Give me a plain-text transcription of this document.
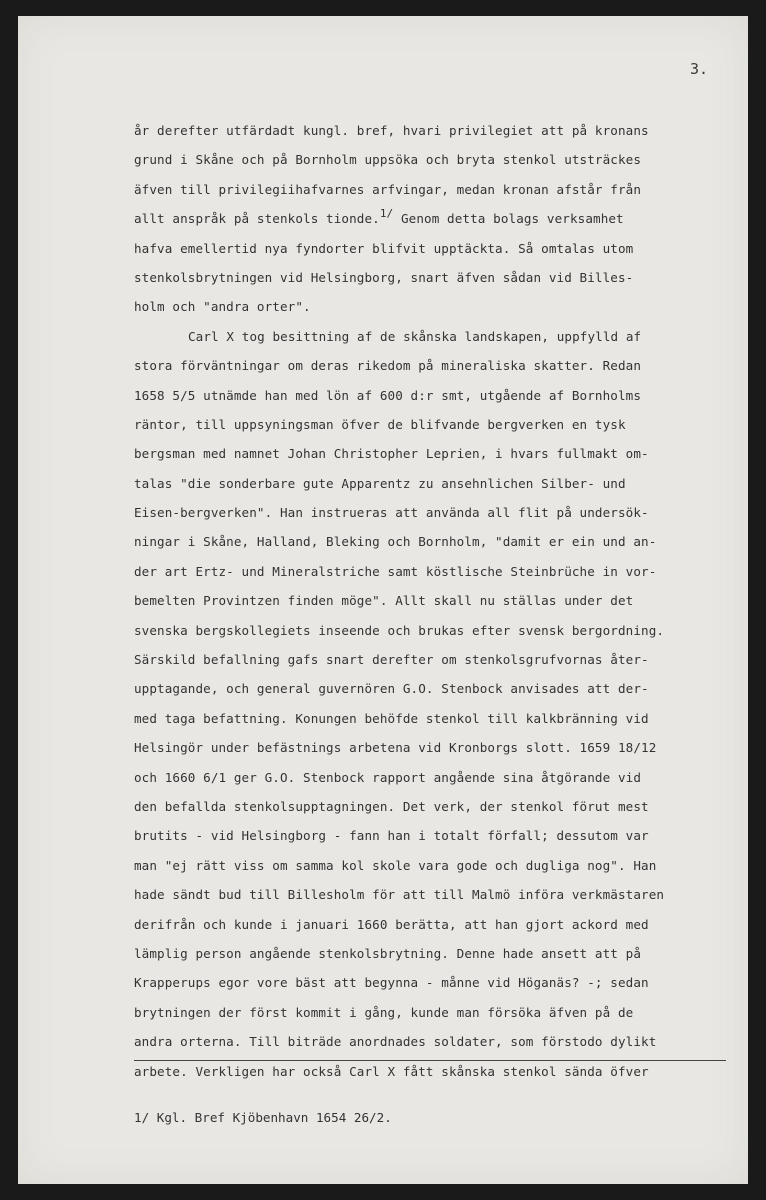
3.
år derefter utfärdadt kungl. bref, hvari privilegiet att på kronans
grund i Skåne och på Bornholm uppsöka och bryta stenkol utsträckes
äfven till privilegiihafvarnes arfvingar, medan kronan afstår från
allt anspråk på stenkols tionde.1/ Genom detta bolags verksamhet
hafva emellertid nya fyndorter blifvit upptäckta. Så omtalas utom
stenkolsbrytningen vid Helsingborg, snart äfven sådan vid Billes-
holm och "andra orter".
Carl X tog besittning af de skånska landskapen, uppfylld af
stora förväntningar om deras rikedom på mineraliska skatter. Redan
1658 5/5 utnämde han med lön af 600 d:r smt, utgående af Bornholms
räntor, till uppsyningsman öfver de blifvande bergverken en tysk
bergsman med namnet Johan Christopher Leprien, i hvars fullmakt om-
talas "die sonderbare gute Apparentz zu ansehnlichen Silber- und
Eisen-bergverken". Han instrueras att använda all flit på undersök-
ningar i Skåne, Halland, Bleking och Bornholm, "damit er ein und an-
der art Ertz- und Mineralstriche samt köstlische Steinbrüche in vor-
bemelten Provintzen finden möge". Allt skall nu ställas under det
svenska bergskollegiets inseende och brukas efter svensk bergordning.
Särskild befallning gafs snart derefter om stenkolsgrufvornas åter-
upptagande, och general guvernören G.O. Stenbock anvisades att der-
med taga befattning. Konungen behöfde stenkol till kalkbränning vid
Helsingör under befästnings arbetena vid Kronborgs slott. 1659 18/12
och 1660 6/1 ger G.O. Stenbock rapport angående sina åtgörande vid
den befallda stenkolsupptagningen. Det verk, der stenkol förut mest
brutits - vid Helsingborg - fann han i totalt förfall; dessutom var
man "ej rätt viss om samma kol skole vara gode och dugliga nog". Han
hade sändt bud till Billesholm för att till Malmö införa verkmästaren
derifrån och kunde i januari 1660 berätta, att han gjort ackord med
lämplig person angående stenkolsbrytning. Denne hade ansett att på
Krapperups egor vore bäst att begynna - månne vid Höganäs? -; sedan
brytningen der först kommit i gång, kunde man försöka äfven på de
andra orterna. Till biträde anordnades soldater, som förstodo dylikt
arbete. Verkligen har också Carl X fått skånska stenkol sända öfver
1/ Kgl. Bref Kjöbenhavn 1654 26/2.
